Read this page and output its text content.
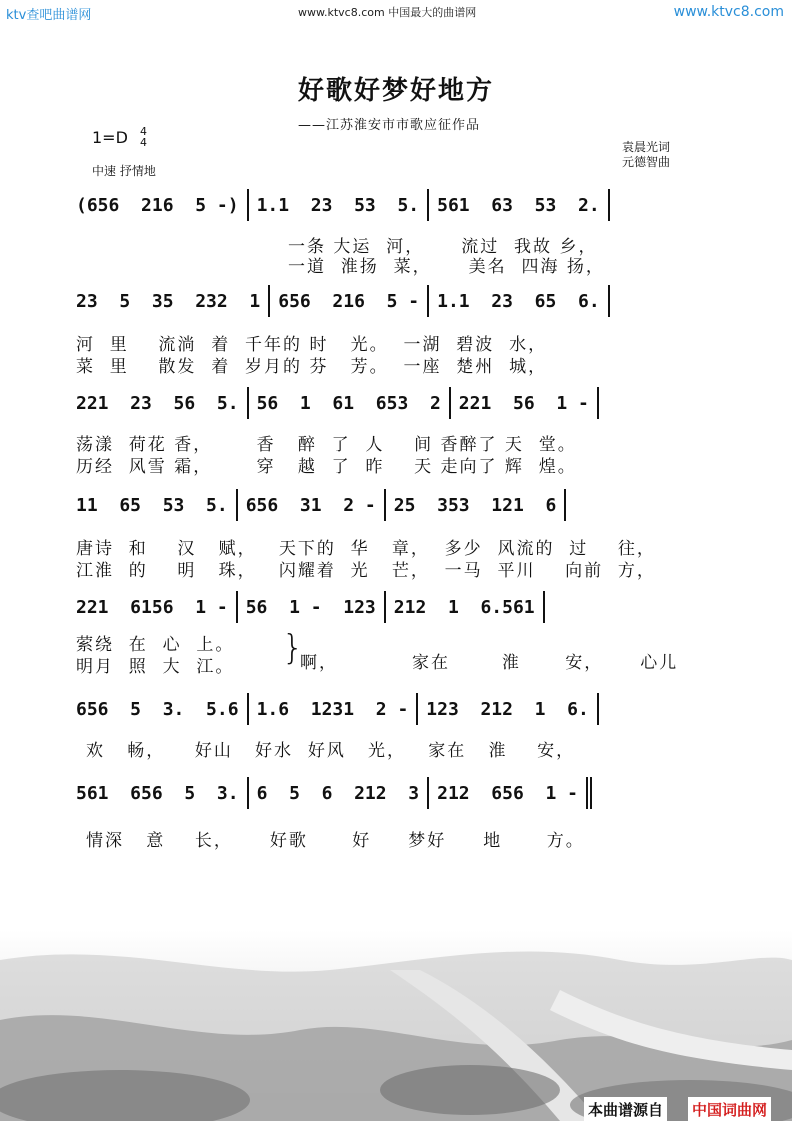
ktv查吧曲谱网	www.ktvc8.com 中国最大的曲谱网	www.ktvc8.com
好歌好梦好地方
——江苏淮安市市歌应征作品
1=D 4
4
中速 抒情地
袁晨光词
元德智曲
(656  216  5 -) 1.1  23  53  5. 561  63  53  2.
一条 大运  河，     流过  我故 乡，
一道  淮扬  菜，     美名  四海 扬，
23  5  35  232  1 656  216  5 - 1.1  23  65  6.
河  里    流淌  着  千年的 时   光。  一湖  碧波  水，
菜  里    散发  着  岁月的 芬   芳。  一座  楚州  城，
221  23  56  5. 56  1  61  653  2 221  56  1 -
荡漾  荷花 香，      香   醉  了  人    间 香醉了 天  堂。
历经  风雪 霜，      穿   越  了  昨    天 走向了 辉  煌。
11  65  53  5. 656  31  2 - 25  353  121  6
唐诗  和    汉   赋，   天下的  华   章，  多少  风流的  过    往，
江淮  的    明   珠，   闪耀着  光   芒，  一马  平川    向前  方，
221  6156  1 - 56  1 -  123 212  1  6.561
萦绕  在  心  上。
明月  照  大  江。 }
啊，          家在       淮      安，     心儿
656  5  3.  5.6 1.6  1231  2 - 123  212  1  6.
欢   畅，    好山   好水  好风   光，   家在   淮    安，
561  656  5  3. 6  5  6  212  3 212  656  1 -
情深   意    长，     好歌      好     梦好     地      方。
本曲谱源自 中国词曲网
